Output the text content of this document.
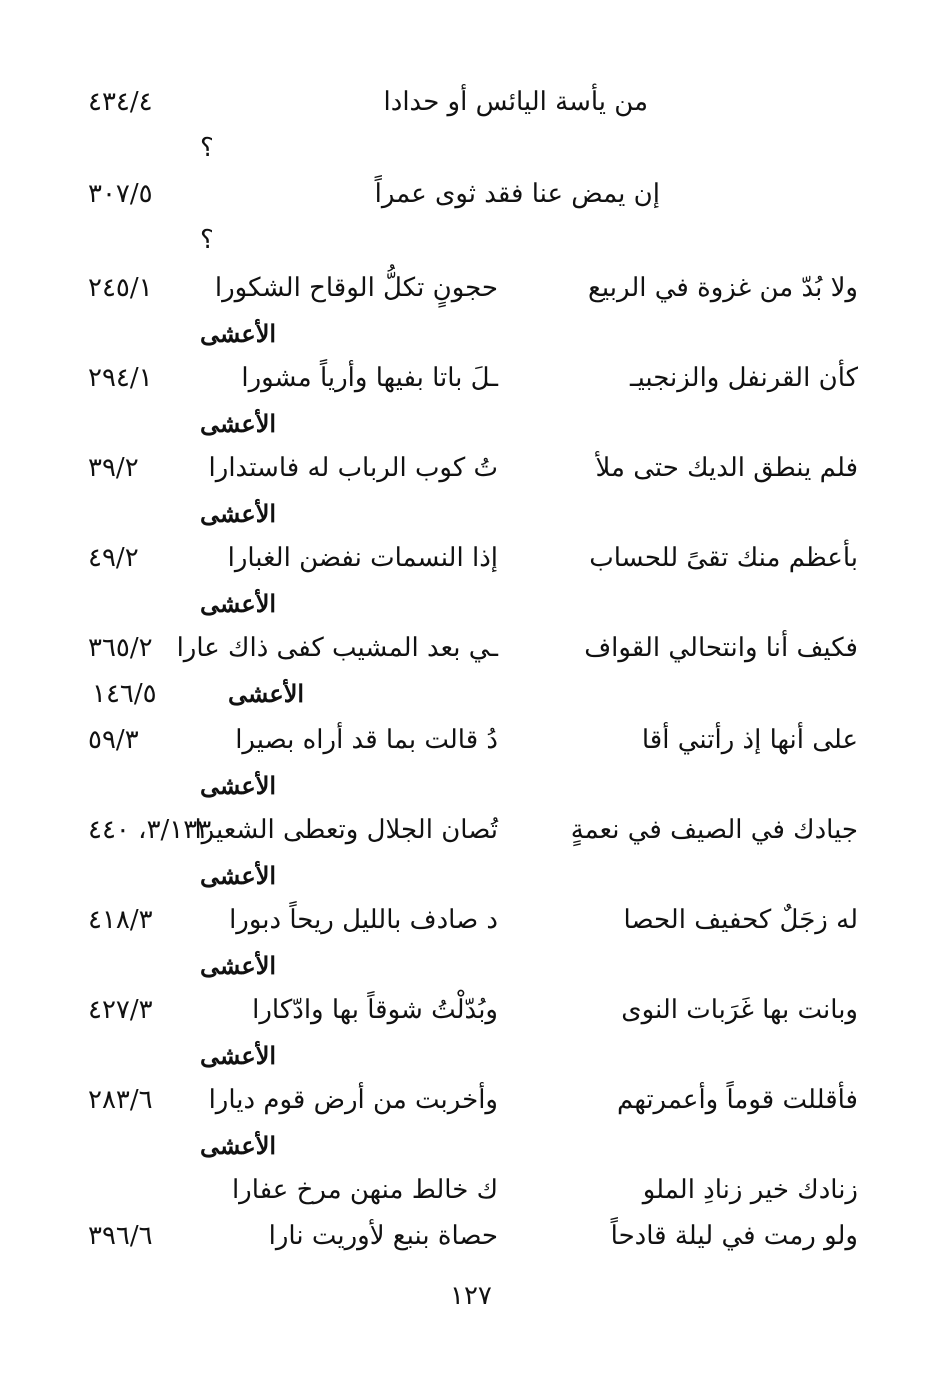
من يأسة اليائس أو حدادا
٤٣٤/٤
؟
إن يمض عنا فقد ثوى عمراً
٣٠٧/٥
؟
ولا بُدّ من غزوة في الربيع
حجونٍ تكلُّ الوقاح الشكورا
٢٤٥/١
الأعشى
كأن القرنفل والزنجبيـ
ـلَ باتا بفيها وأرياً مشورا
٢٩٤/١
الأعشى
فلم ينطق الديك حتى ملأ
تُ كوب الرباب له فاستدارا
٣٩/٢
الأعشى
بأعظم منك تقىً للحساب
إذا النسمات نفضن الغبارا
٤٩/٢
الأعشى
فكيف أنا وانتحالي القواف
ـي بعد المشيب كفى ذاك عارا
٣٦٥/٢
الأعشى
١٤٦/٥
على أنها إذ رأتني أقا
دُ قالت بما قد أراه بصيرا
٥٩/٣
الأعشى
جيادك في الصيف في نعمةٍ
تُصان الجلال وتعطى الشعيرا
٣/١٣٣، ٤٤٠
الأعشى
له زجَلٌ كحفيف الحصا
د صادف بالليل ريحاً دبورا
٤١٨/٣
الأعشى
وبانت بها غَرَبات النوى
وبُدّلْتُ شوقاً بها وادّكارا
٤٢٧/٣
الأعشى
فأقللت قوماً وأعمرتهم
وأخربت من أرض قوم ديارا
٢٨٣/٦
الأعشى
زنادك خير زنادِ الملو
ك خالط منهن مرخ عفارا
ولو رمت في ليلة قادحاً
حصاة بنبع لأوريت نارا
٣٩٦/٦
١٢٧
